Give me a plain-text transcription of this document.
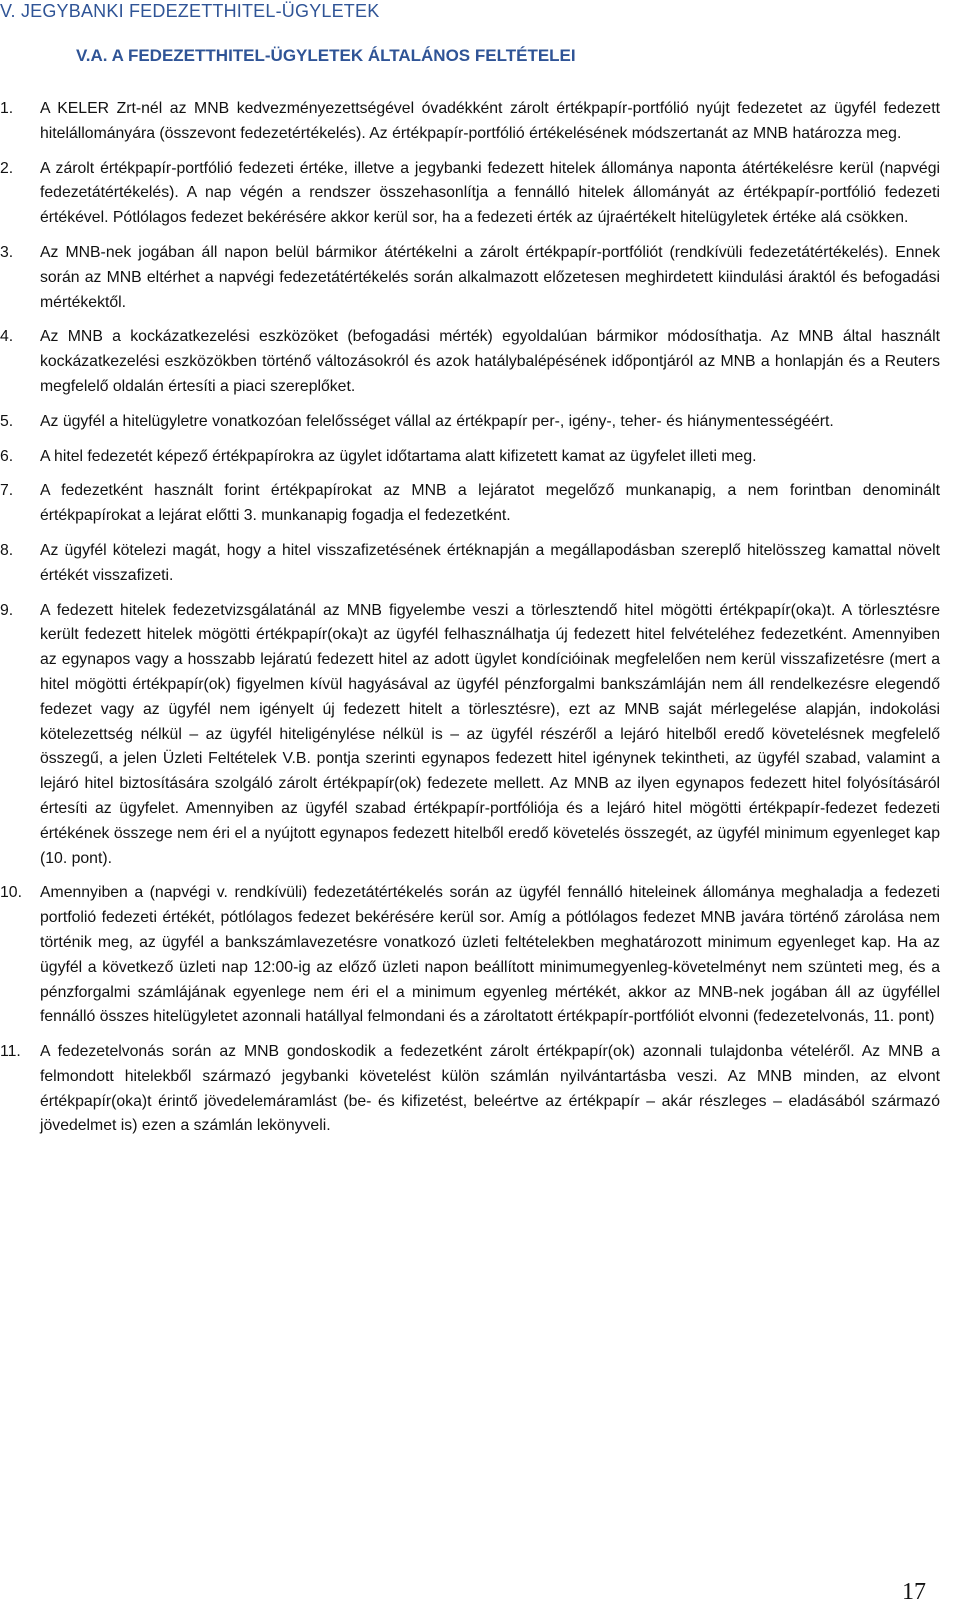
V. JEGYBANKI FEDEZETTHITEL-ÜGYLETEK
V.A. A FEDEZETTHITEL-ÜGYLETEK ÁLTALÁNOS FELTÉTELEI
1.	A KELER Zrt-nél az MNB kedvezményezettségével óvadékként zárolt értékpapír-portfólió nyújt fedezetet az ügyfél fedezett hitelállományára (összevont fedezetértékelés). Az értékpapír-portfólió értékelésének módszertanát az MNB határozza meg.
2.	A zárolt értékpapír-portfólió fedezeti értéke, illetve a jegybanki fedezett hitelek állománya naponta átértékelésre kerül (napvégi fedezetátértékelés). A nap végén a rendszer összehasonlítja a fennálló hitelek állományát az értékpapír-portfólió fedezeti értékével. Pótlólagos fedezet bekérésére akkor kerül sor, ha a fedezeti érték az újraértékelt hitelügyletek értéke alá csökken.
3.	Az MNB-nek jogában áll napon belül bármikor átértékelni a zárolt értékpapír-portfóliót (rendkívüli fedezetátértékelés). Ennek során az MNB eltérhet a napvégi fedezetátértékelés során alkalmazott előzetesen meghirdetett kiindulási áraktól és befogadási mértékektől.
4.	Az MNB a kockázatkezelési eszközöket (befogadási mérték) egyoldalúan bármikor módosíthatja. Az MNB által használt kockázatkezelési eszközökben történő változásokról és azok hatálybalépésének időpontjáról az MNB a honlapján és a Reuters megfelelő oldalán értesíti a piaci szereplőket.
5.	Az ügyfél a hitelügyletre vonatkozóan felelősséget vállal az értékpapír per-, igény-, teher- és hiánymentességéért.
6.	A hitel fedezetét képező értékpapírokra az ügylet időtartama alatt kifizetett kamat az ügyfelet illeti meg.
7.	A fedezetként használt forint értékpapírokat az MNB a lejáratot megelőző munkanapig, a nem forintban denominált értékpapírokat a lejárat előtti 3. munkanapig fogadja el fedezetként.
8.	Az ügyfél kötelezi magát, hogy a hitel visszafizetésének értéknapján a megállapodásban szereplő hitelösszeg kamattal növelt értékét visszafizeti.
9.	A fedezett hitelek fedezetvizsgálatánál az MNB figyelembe veszi a törlesztendő hitel mögötti értékpapír(oka)t. A törlesztésre került fedezett hitelek mögötti értékpapír(oka)t az ügyfél felhasználhatja új fedezett hitel felvételéhez fedezetként. Amennyiben az egynapos vagy a hosszabb lejáratú fedezett hitel az adott ügylet kondícióinak megfelelően nem kerül visszafizetésre (mert a hitel mögötti értékpapír(ok) figyelmen kívül hagyásával az ügyfél pénzforgalmi bankszámláján nem áll rendelkezésre elegendő fedezet vagy az ügyfél nem igényelt új fedezett hitelt a törlesztésre), ezt az MNB saját mérlegelése alapján, indokolási kötelezettség nélkül – az ügyfél hiteligénylése nélkül is – az ügyfél részéről a lejáró hitelből eredő követelésnek megfelelő összegű, a jelen Üzleti Feltételek V.B. pontja szerinti egynapos fedezett hitel igénynek tekintheti, az ügyfél szabad, valamint a lejáró hitel biztosítására szolgáló zárolt értékpapír(ok) fedezete mellett. Az MNB az ilyen egynapos fedezett hitel folyósításáról értesíti az ügyfelet. Amennyiben az ügyfél szabad értékpapír-portfóliója és a lejáró hitel mögötti értékpapír-fedezet fedezeti értékének összege nem éri el a nyújtott egynapos fedezett hitelből eredő követelés összegét, az ügyfél minimum egyenleget kap (10. pont).
10.	Amennyiben a (napvégi v. rendkívüli) fedezetátértékelés során az ügyfél fennálló hiteleinek állománya meghaladja a fedezeti portfolió fedezeti értékét, pótlólagos fedezet bekérésére kerül sor. Amíg a pótlólagos fedezet MNB javára történő zárolása nem történik meg, az ügyfél a bankszámlavezetésre vonatkozó üzleti feltételekben meghatározott minimum egyenleget kap. Ha az ügyfél a következő üzleti nap 12:00-ig az előző üzleti napon beállított minimumegyenleg-követelményt nem szünteti meg, és a pénzforgalmi számlájának egyenlege nem éri el a minimum egyenleg mértékét, akkor az MNB-nek jogában áll az ügyféllel fennálló összes hitelügyletet azonnali hatállyal felmondani és a zároltatott értékpapír-portfóliót elvonni (fedezetelvonás, 11. pont)
11.	A fedezetelvonás során az MNB gondoskodik a fedezetként zárolt értékpapír(ok) azonnali tulajdonba vételéről. Az MNB a felmondott hitelekből származó jegybanki követelést külön számlán nyilvántartásba veszi. Az MNB minden, az elvont értékpapír(oka)t érintő jövedelemáramlást (be- és kifizetést, beleértve az értékpapír – akár részleges – eladásából származó jövedelmet is) ezen a számlán lekönyveli.
17
